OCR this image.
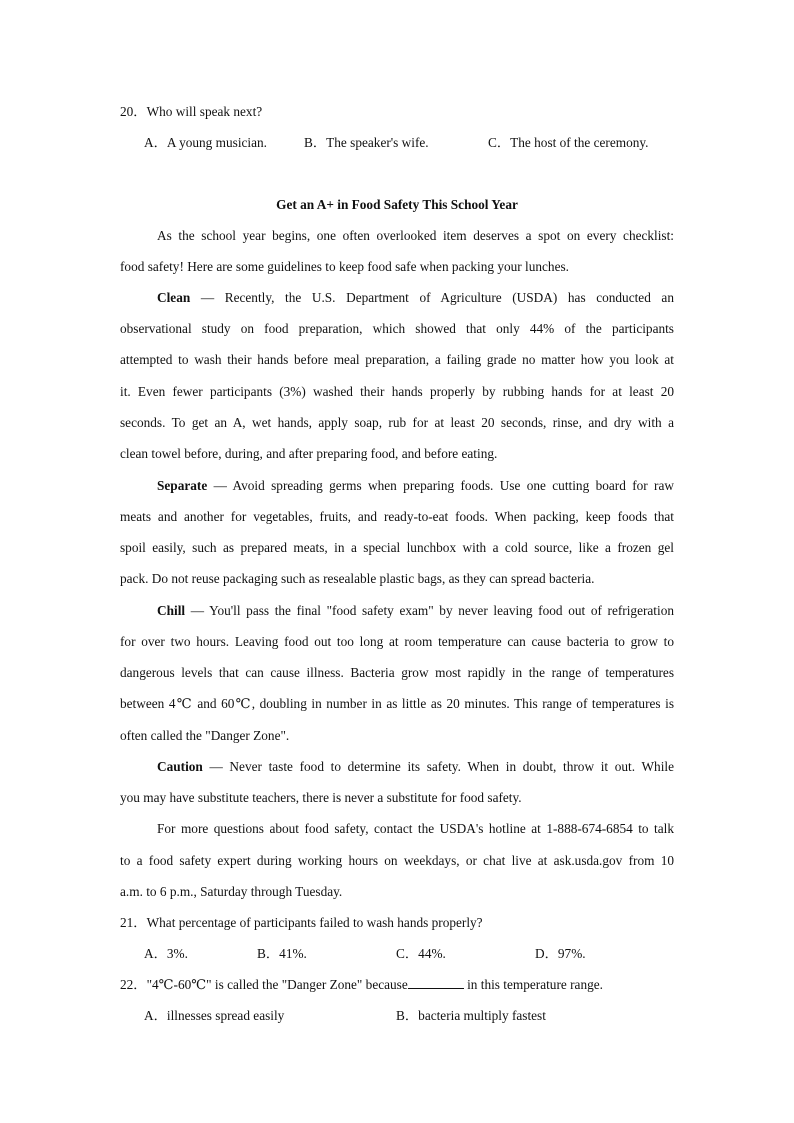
20．Who will speak next?
A．A young musician.	B．The speaker's wife.	C．The host of the ceremony.
Get an A+ in Food Safety This School Year
As the school year begins, one often overlooked item deserves a spot on every checklist:
food safety! Here are some guidelines to keep food safe when packing your lunches.
Clean — Recently, the U.S. Department of Agriculture (USDA) has conducted an
observational study on food preparation, which showed that only 44% of the participants
attempted to wash their hands before meal preparation, a failing grade no matter how you look at
it. Even fewer participants (3%) washed their hands properly by rubbing hands for at least 20
seconds. To get an A, wet hands, apply soap, rub for at least 20 seconds, rinse, and dry with a
clean towel before, during, and after preparing food, and before eating.
Separate — Avoid spreading germs when preparing foods. Use one cutting board for raw
meats and another for vegetables, fruits, and ready-to-eat foods. When packing, keep foods that
spoil easily, such as prepared meats, in a special lunchbox with a cold source, like a frozen gel
pack. Do not reuse packaging such as resealable plastic bags, as they can spread bacteria.
Chill — You'll pass the final "food safety exam" by never leaving food out of refrigeration
for over two hours. Leaving food out too long at room temperature can cause bacteria to grow to
dangerous levels that can cause illness. Bacteria grow most rapidly in the range of temperatures
between 4℃ and 60℃, doubling in number in as little as 20 minutes. This range of temperatures is
often called the "Danger Zone".
Caution — Never taste food to determine its safety. When in doubt, throw it out. While
you may have substitute teachers, there is never a substitute for food safety.
For more questions about food safety, contact the USDA's hotline at 1-888-674-6854 to talk
to a food safety expert during working hours on weekdays, or chat live at ask.usda.gov from 10
a.m. to 6 p.m., Saturday through Tuesday.
21．What percentage of participants failed to wash hands properly?
A．3%.	B．41%.	C．44%.	D．97%.
22．"4℃-60℃" is called the "Danger Zone" because	in this temperature range.
A．illnesses spread easily	B．bacteria multiply fastest
